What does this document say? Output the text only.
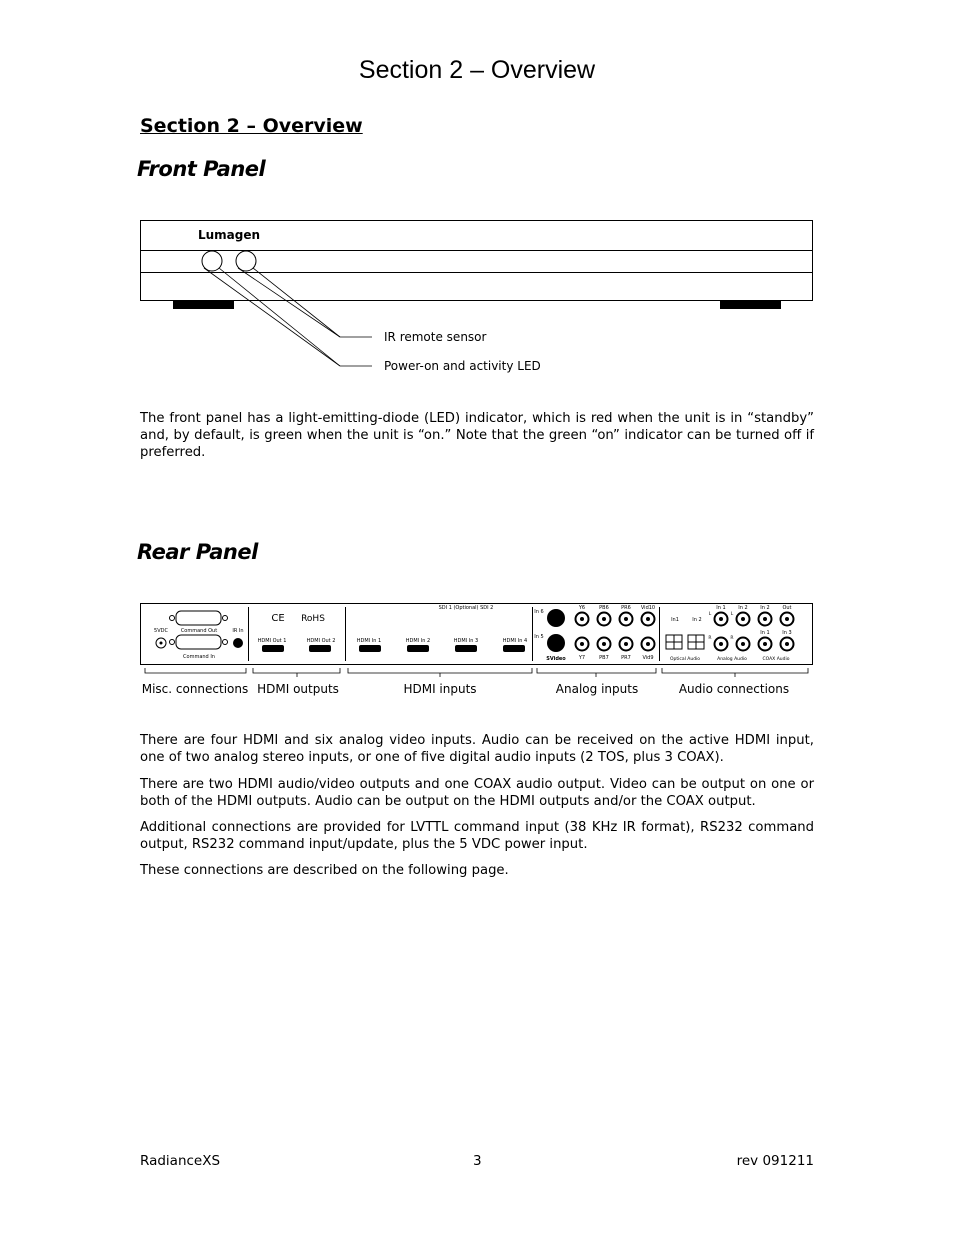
Section 2 – Overview
Section 2 – Overview
Front Panel
Lumagen
IR remote sensor
Power-on and activity LED
The front panel has a light-emitting-diode (LED) indicator, which is red when the unit is in “standby” and, by default, is green when the unit is “on.” Note that the green “on” indicator can be turned off if preferred.
Rear Panel
Command Out
Command In
5VDC	IR In
CE RoHS
HDMI Out 1	HDMI Out 2
SDI 1 (Optional) SDI 2
HDMI In 1	HDMI In 2	HDMI In 3	HDMI In 4
In 6
In 5
SVideo
Y6	PB6 PR6 Vid10
Y7	PB7 PR7 Vid9
In1	In 2
Optical Audio
In 1	In 2
L	L
R	R
Analog Audio
In 2	Out
In 1	In 3
COAX Audio
Misc. connections HDMI outputs	HDMI inputs	Analog inputs	Audio connections
There are four HDMI and six analog video inputs. Audio can be received on the active HDMI input, one of two analog stereo inputs, or one of five digital audio inputs (2 TOS, plus 3 COAX).
There are two HDMI audio/video outputs and one COAX audio output. Video can be output on one or both of the HDMI outputs. Audio can be output on the HDMI outputs and/or the COAX output.
Additional connections are provided for LVTTL command input (38 KHz IR format), RS232 command output, RS232 command input/update, plus the 5 VDC power input.
These connections are described on the following page.
RadianceXS	3	rev 091211
